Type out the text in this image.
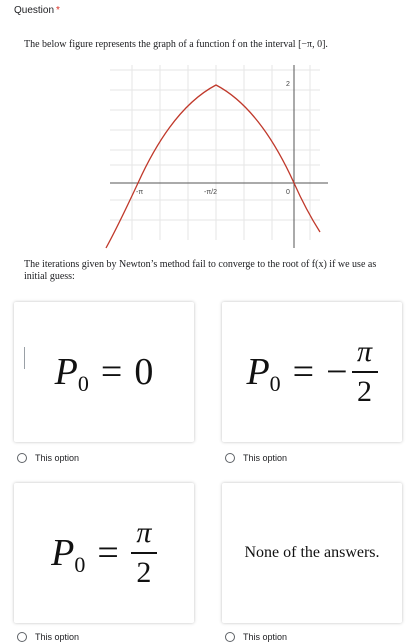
Question *
The below figure represents the graph of a function f on the interval [−π, 0].
-π	-π/2	0
2
The iterations given by Newton’s method fail to converge to the root of f(x) if we use as initial guess:
P 0 = 0
This option
P 0 = − $\frac{\pi}{2}$
This option
P $0 = \frac{\pi}{2}$
This option
None of the answers.
This option
